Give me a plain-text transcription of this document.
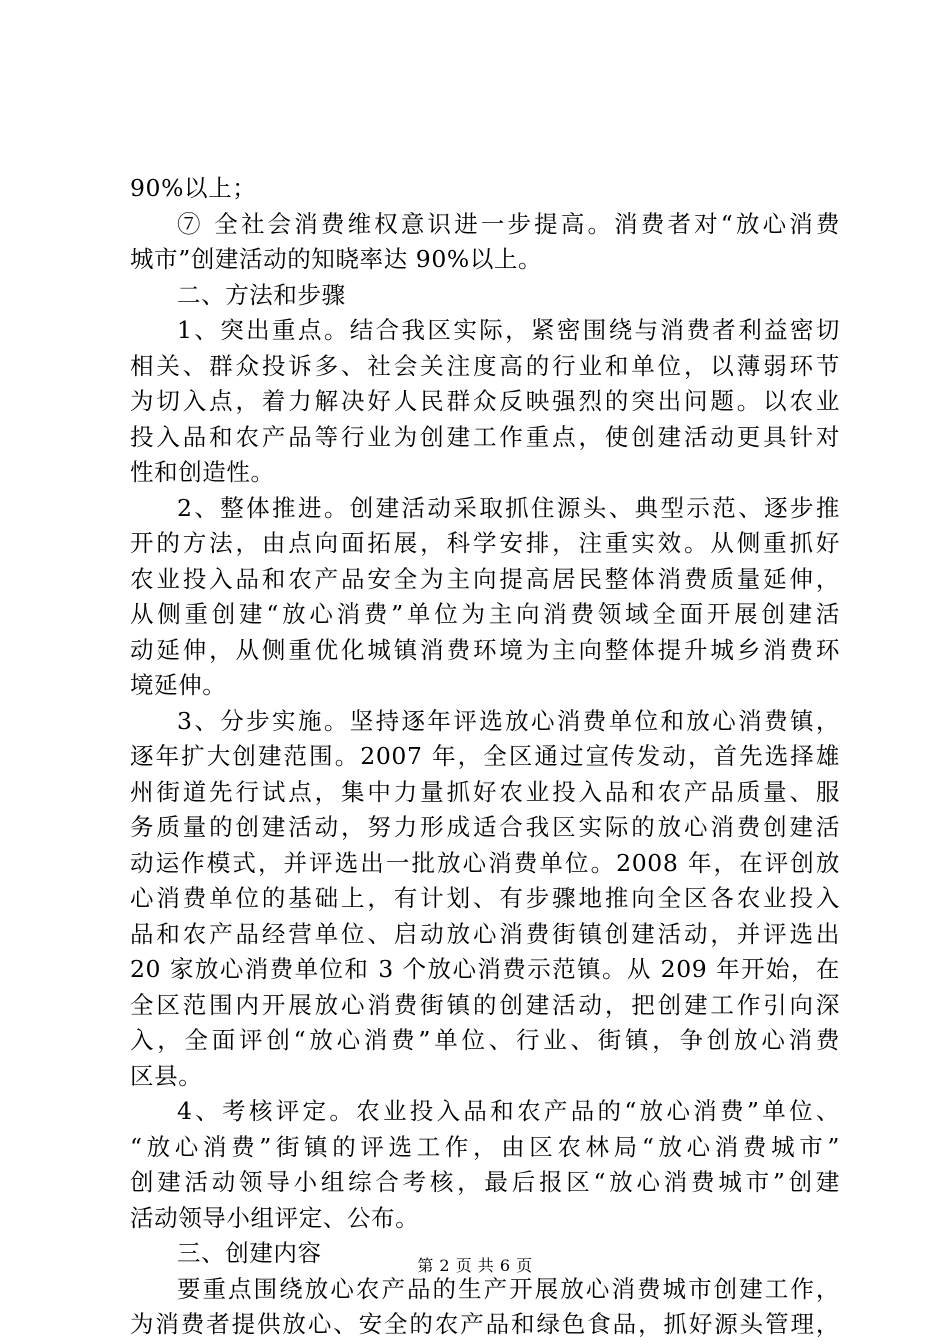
90%以上；
⑦ 全社会消费维权意识进一步提高。消费者对“放心消费
城市”创建活动的知晓率达 90%以上。
二、方法和步骤
1、突出重点。结合我区实际，紧密围绕与消费者利益密切
相关、群众投诉多、社会关注度高的行业和单位，以薄弱环节
为切入点，着力解决好人民群众反映强烈的突出问题。以农业
投入品和农产品等行业为创建工作重点，使创建活动更具针对
性和创造性。
2、整体推进。创建活动采取抓住源头、典型示范、逐步推
开的方法，由点向面拓展，科学安排，注重实效。从侧重抓好
农业投入品和农产品安全为主向提高居民整体消费质量延伸，
从侧重创建“放心消费”单位为主向消费领域全面开展创建活
动延伸，从侧重优化城镇消费环境为主向整体提升城乡消费环
境延伸。
3、分步实施。坚持逐年评选放心消费单位和放心消费镇，
逐年扩大创建范围。2007 年，全区通过宣传发动，首先选择雄
州街道先行试点，集中力量抓好农业投入品和农产品质量、服
务质量的创建活动，努力形成适合我区实际的放心消费创建活
动运作模式，并评选出一批放心消费单位。2008 年，在评创放
心消费单位的基础上，有计划、有步骤地推向全区各农业投入
品和农产品经营单位、启动放心消费街镇创建活动，并评选出
20 家放心消费单位和 3 个放心消费示范镇。从 209 年开始，在
全区范围内开展放心消费街镇的创建活动，把创建工作引向深
入，全面评创“放心消费”单位、行业、街镇，争创放心消费
区县。
4、考核评定。农业投入品和农产品的“放心消费”单位、
“放心消费”街镇的评选工作，由区农林局“放心消费城市”
创建活动领导小组综合考核，最后报区“放心消费城市”创建
活动领导小组评定、公布。
三、创建内容
要重点围绕放心农产品的生产开展放心消费城市创建工作，
为消费者提供放心、安全的农产品和绿色食品，抓好源头管理，
第 2 页 共 6 页
